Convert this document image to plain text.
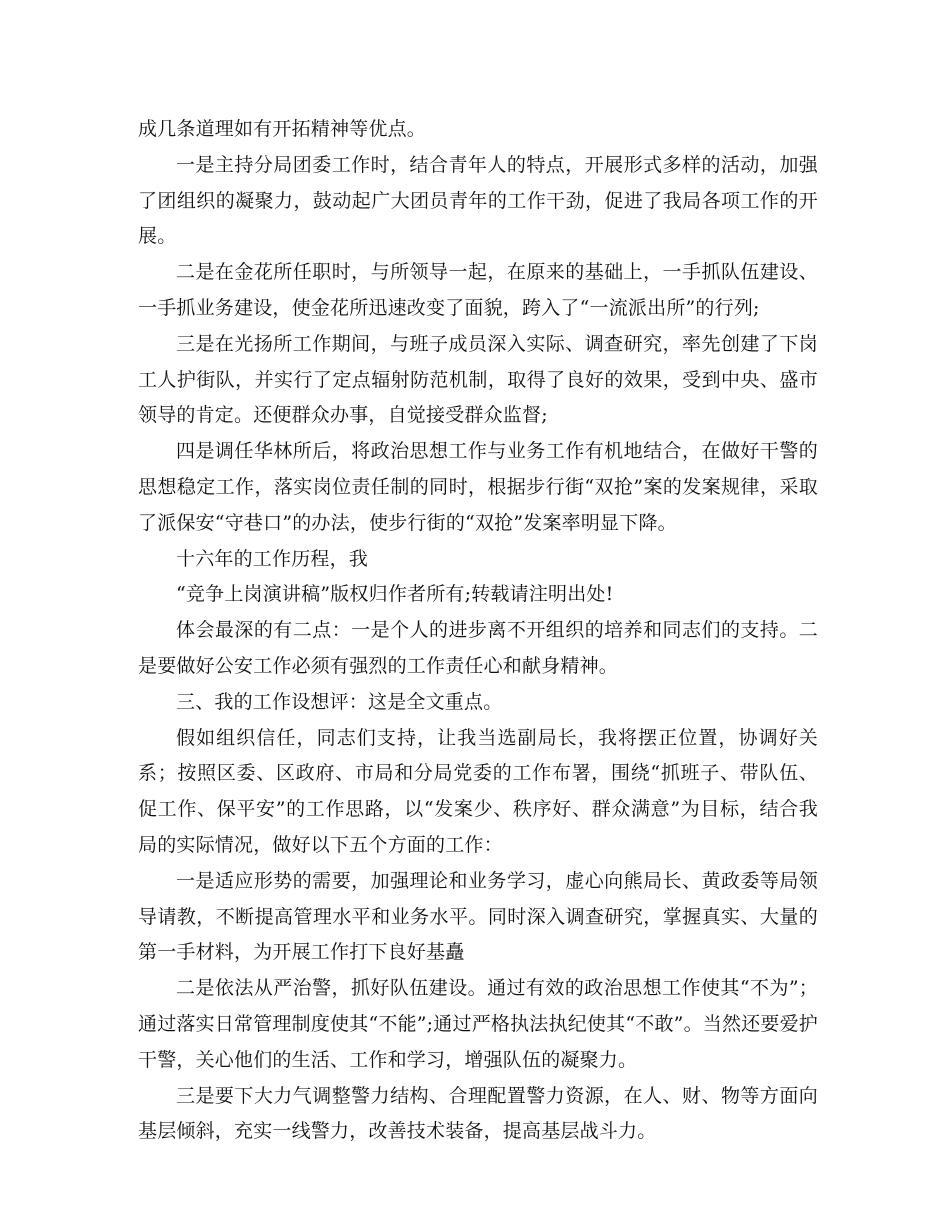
成几条道理如有开拓精神等优点。

一是主持分局团委工作时，结合青年人的特点，开展形式多样的活动，加强了团组织的凝聚力，鼓动起广大团员青年的工作干劲，促进了我局各项工作的开展。

二是在金花所任职时，与所领导一起，在原来的基础上，一手抓队伍建设、一手抓业务建设，使金花所迅速改变了面貌，跨入了“一流派出所”的行列;

三是在光扬所工作期间，与班子成员深入实际、调查研究，率先创建了下岗工人护街队，并实行了定点辐射防范机制，取得了良好的效果，受到中央、盛市领导的肯定。还便群众办事，自觉接受群众监督;

四是调任华林所后，将政治思想工作与业务工作有机地结合，在做好干警的思想稳定工作，落实岗位责任制的同时，根据步行街“双抢”案的发案规律，采取了派保安“守巷口”的办法，使步行街的“双抢”发案率明显下降。

十六年的工作历程，我

“竞争上岗演讲稿”版权归作者所有;转载请注明出处!

体会最深的有二点：一是个人的进步离不开组织的培养和同志们的支持。二是要做好公安工作必须有强烈的工作责任心和献身精神。

三、我的工作设想评：这是全文重点。

假如组织信任，同志们支持，让我当选副局长，我将摆正位置，协调好关系；按照区委、区政府、市局和分局党委的工作布署，围绕“抓班子、带队伍、促工作、保平安”的工作思路，以“发案少、秩序好、群众满意”为目标，结合我局的实际情况，做好以下五个方面的工作：

一是适应形势的需要，加强理论和业务学习，虚心向熊局长、黄政委等局领导请教，不断提高管理水平和业务水平。同时深入调查研究，掌握真实、大量的第一手材料，为开展工作打下良好基矗

二是依法从严治警，抓好队伍建设。通过有效的政治思想工作使其“不为”；通过落实日常管理制度使其“不能”;通过严格执法执纪使其“不敢”。当然还要爱护干警，关心他们的生活、工作和学习，增强队伍的凝聚力。

三是要下大力气调整警力结构、合理配置警力资源，在人、财、物等方面向基层倾斜，充实一线警力，改善技术装备，提高基层战斗力。
